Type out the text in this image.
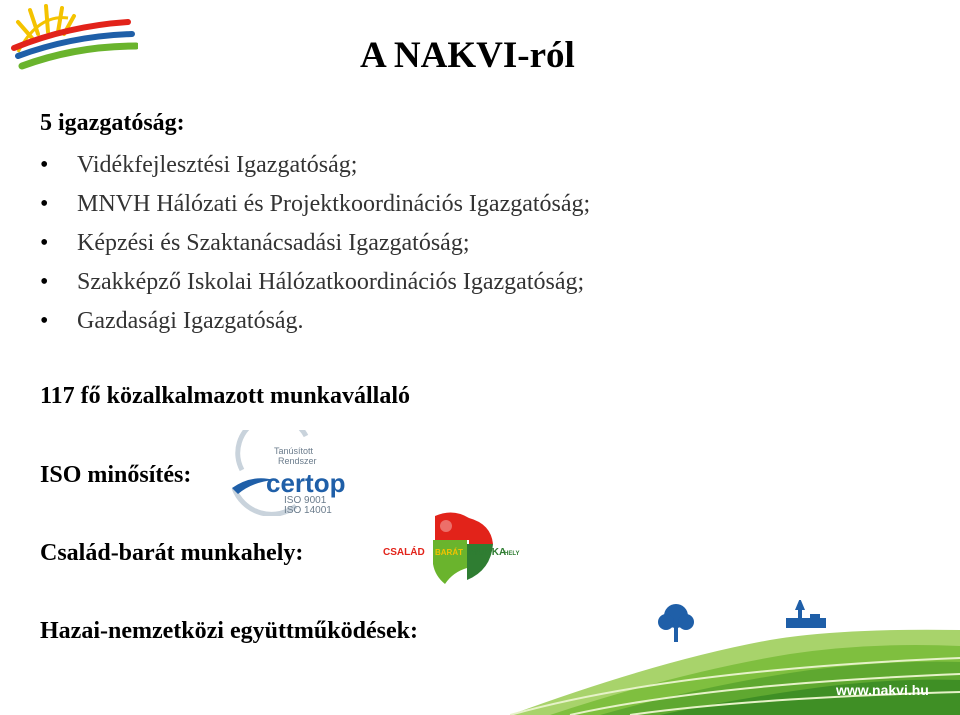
A NAKVI-ról
5 igazgatóság:
• Vidékfejlesztési Igazgatóság;
• MNVH Hálózati és Projektkoordinációs Igazgatóság;
• Képzési és Szaktanácsadási Igazgatóság;
• Szakképző Iskolai Hálózatkoordinációs Igazgatóság;
• Gazdasági Igazgatóság.
117 fő közalkalmazott munkavállaló
ISO minősítés:
Család-barát munkahely:
Hazai-nemzetközi együttműködések:
Tanúsított
Rendszer
certop
ISO 9001
ISO 14001
CSALÁD BARÁT MUNKA
HELY
www.nakvi.hu
